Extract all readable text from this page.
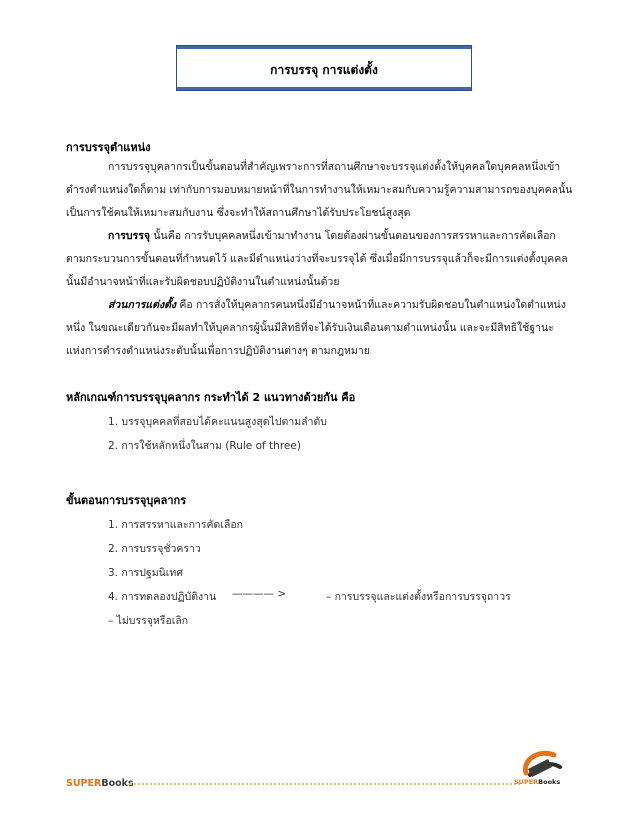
การบรรจุ การแต่งตั้ง
การบรรจุตำแหน่ง
การบรรจุบุคลากรเป็นขั้นตอนที่สำคัญเพราะการที่สถานศึกษาจะบรรจุแต่งตั้งให้บุคคลใดบุคคลหนึ่งเข้า
ดำรงตำแหน่งใดก็ตาม เท่ากับการมอบหมายหน้าที่ในการทำงานให้เหมาะสมกับความรู้ความสามารถของบุคคลนั้น
เป็นการใช้คนให้เหมาะสมกับงาน ซึ่งจะทำให้สถานศึกษาได้รับประโยชน์สูงสุด
การบรรจุ นั้นคือ การรับบุคคลหนึ่งเข้ามาทำงาน โดยต้องผ่านขั้นตอนของการสรรหาและการคัดเลือก
ตามกระบวนการขั้นตอนที่กำหนดไว้ และมีตำแหน่งว่างที่จะบรรจุได้ ซึ่งเมื่อมีการบรรจุแล้วก็จะมีการแต่งตั้งบุคคล
นั้นมีอำนาจหน้าที่และรับผิดชอบปฏิบัติงานในตำแหน่งนั้นด้วย
ส่วนการแต่งตั้ง คือ การสั่งให้บุคลากรคนหนึ่งมีอำนาจหน้าที่และความรับผิดชอบในตำแหน่งใดตำแหน่ง
หนึ่ง ในขณะเดียวกันจะมีผลทำให้บุคลากรผู้นั้นมีสิทธิที่จะได้รับเงินเดือนตามตำแหน่งนั้น และจะมีสิทธิใช้ฐานะ
แห่งการดำรงตำแหน่งระดับนั้นเพื่อการปฏิบัติงานต่างๆ ตามกฎหมาย
หลักเกณฑ์การบรรจุบุคลากร กระทำได้ 2 แนวทางด้วยกัน คือ
1. บรรจุบุคคลที่สอบได้คะแนนสูงสุดไปตามลำดับ
2. การใช้หลักหนึ่งในสาม (Rule of three)
ขั้นตอนการบรรจุบุคลากร
1. การสรรหาและการคัดเลือก
2. การบรรจุชั่วคราว
3. การปฐมนิเทศ
4. การทดลองปฏิบัติงาน ———— >	– การบรรจุและแต่งตั้งหรือการบรรจุถาวร
– ไม่บรรจุหรือเลิก
SUPERBooks	SUPERBooks
